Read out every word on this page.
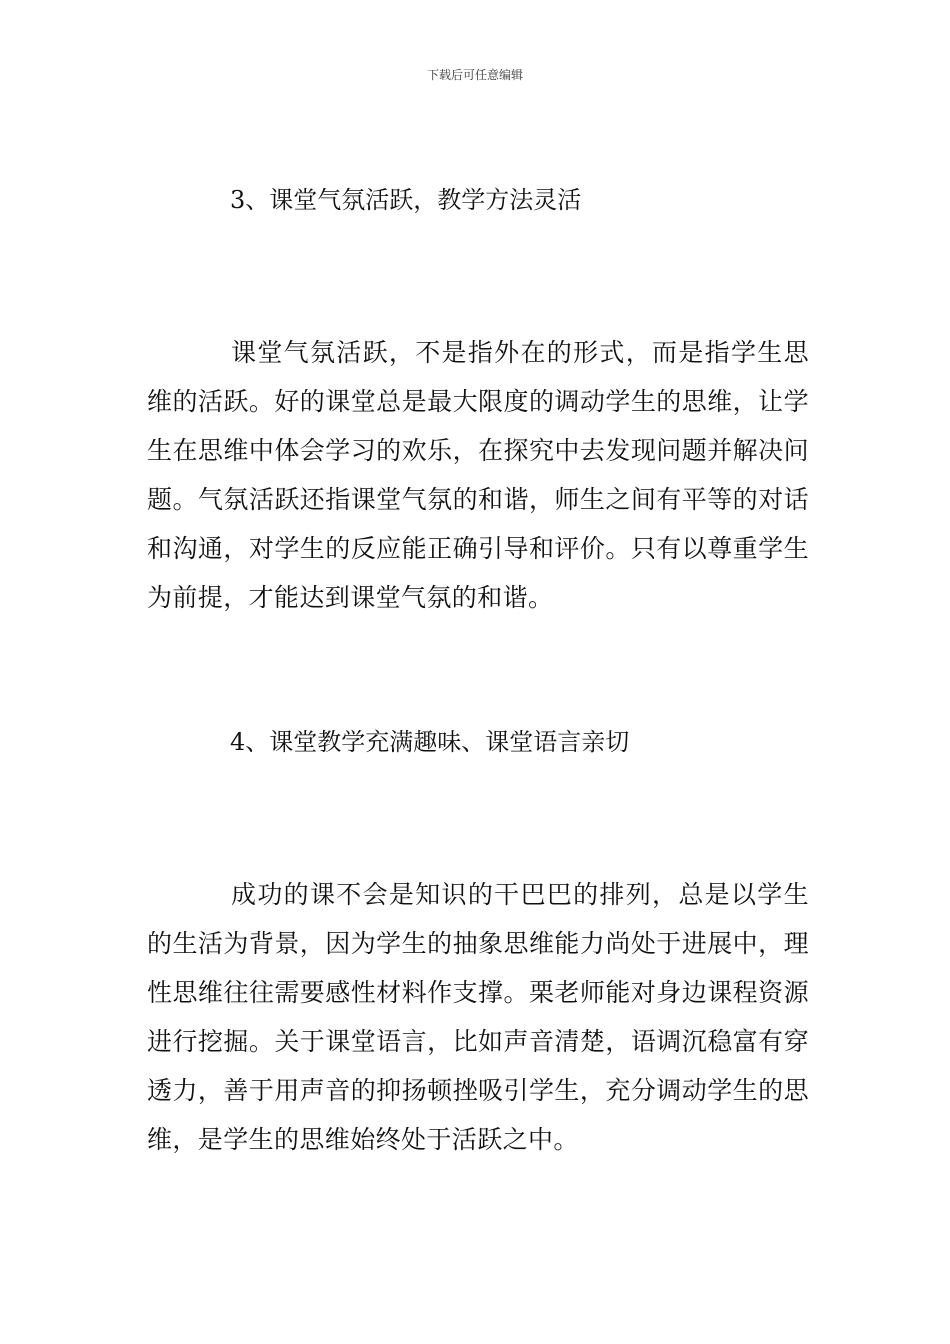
下载后可任意编辑
3、课堂气氛活跃，教学方法灵活
课堂气氛活跃，不是指外在的形式，而是指学生思维的活跃。好的课堂总是最大限度的调动学生的思维，让学生在思维中体会学习的欢乐，在探究中去发现问题并解决问题。气氛活跃还指课堂气氛的和谐，师生之间有平等的对话和沟通，对学生的反应能正确引导和评价。只有以尊重学生为前提，才能达到课堂气氛的和谐。
4、课堂教学充满趣味、课堂语言亲切
成功的课不会是知识的干巴巴的排列，总是以学生的生活为背景，因为学生的抽象思维能力尚处于进展中，理性思维往往需要感性材料作支撑。栗老师能对身边课程资源进行挖掘。关于课堂语言，比如声音清楚，语调沉稳富有穿透力，善于用声音的抑扬顿挫吸引学生，充分调动学生的思维，是学生的思维始终处于活跃之中。
